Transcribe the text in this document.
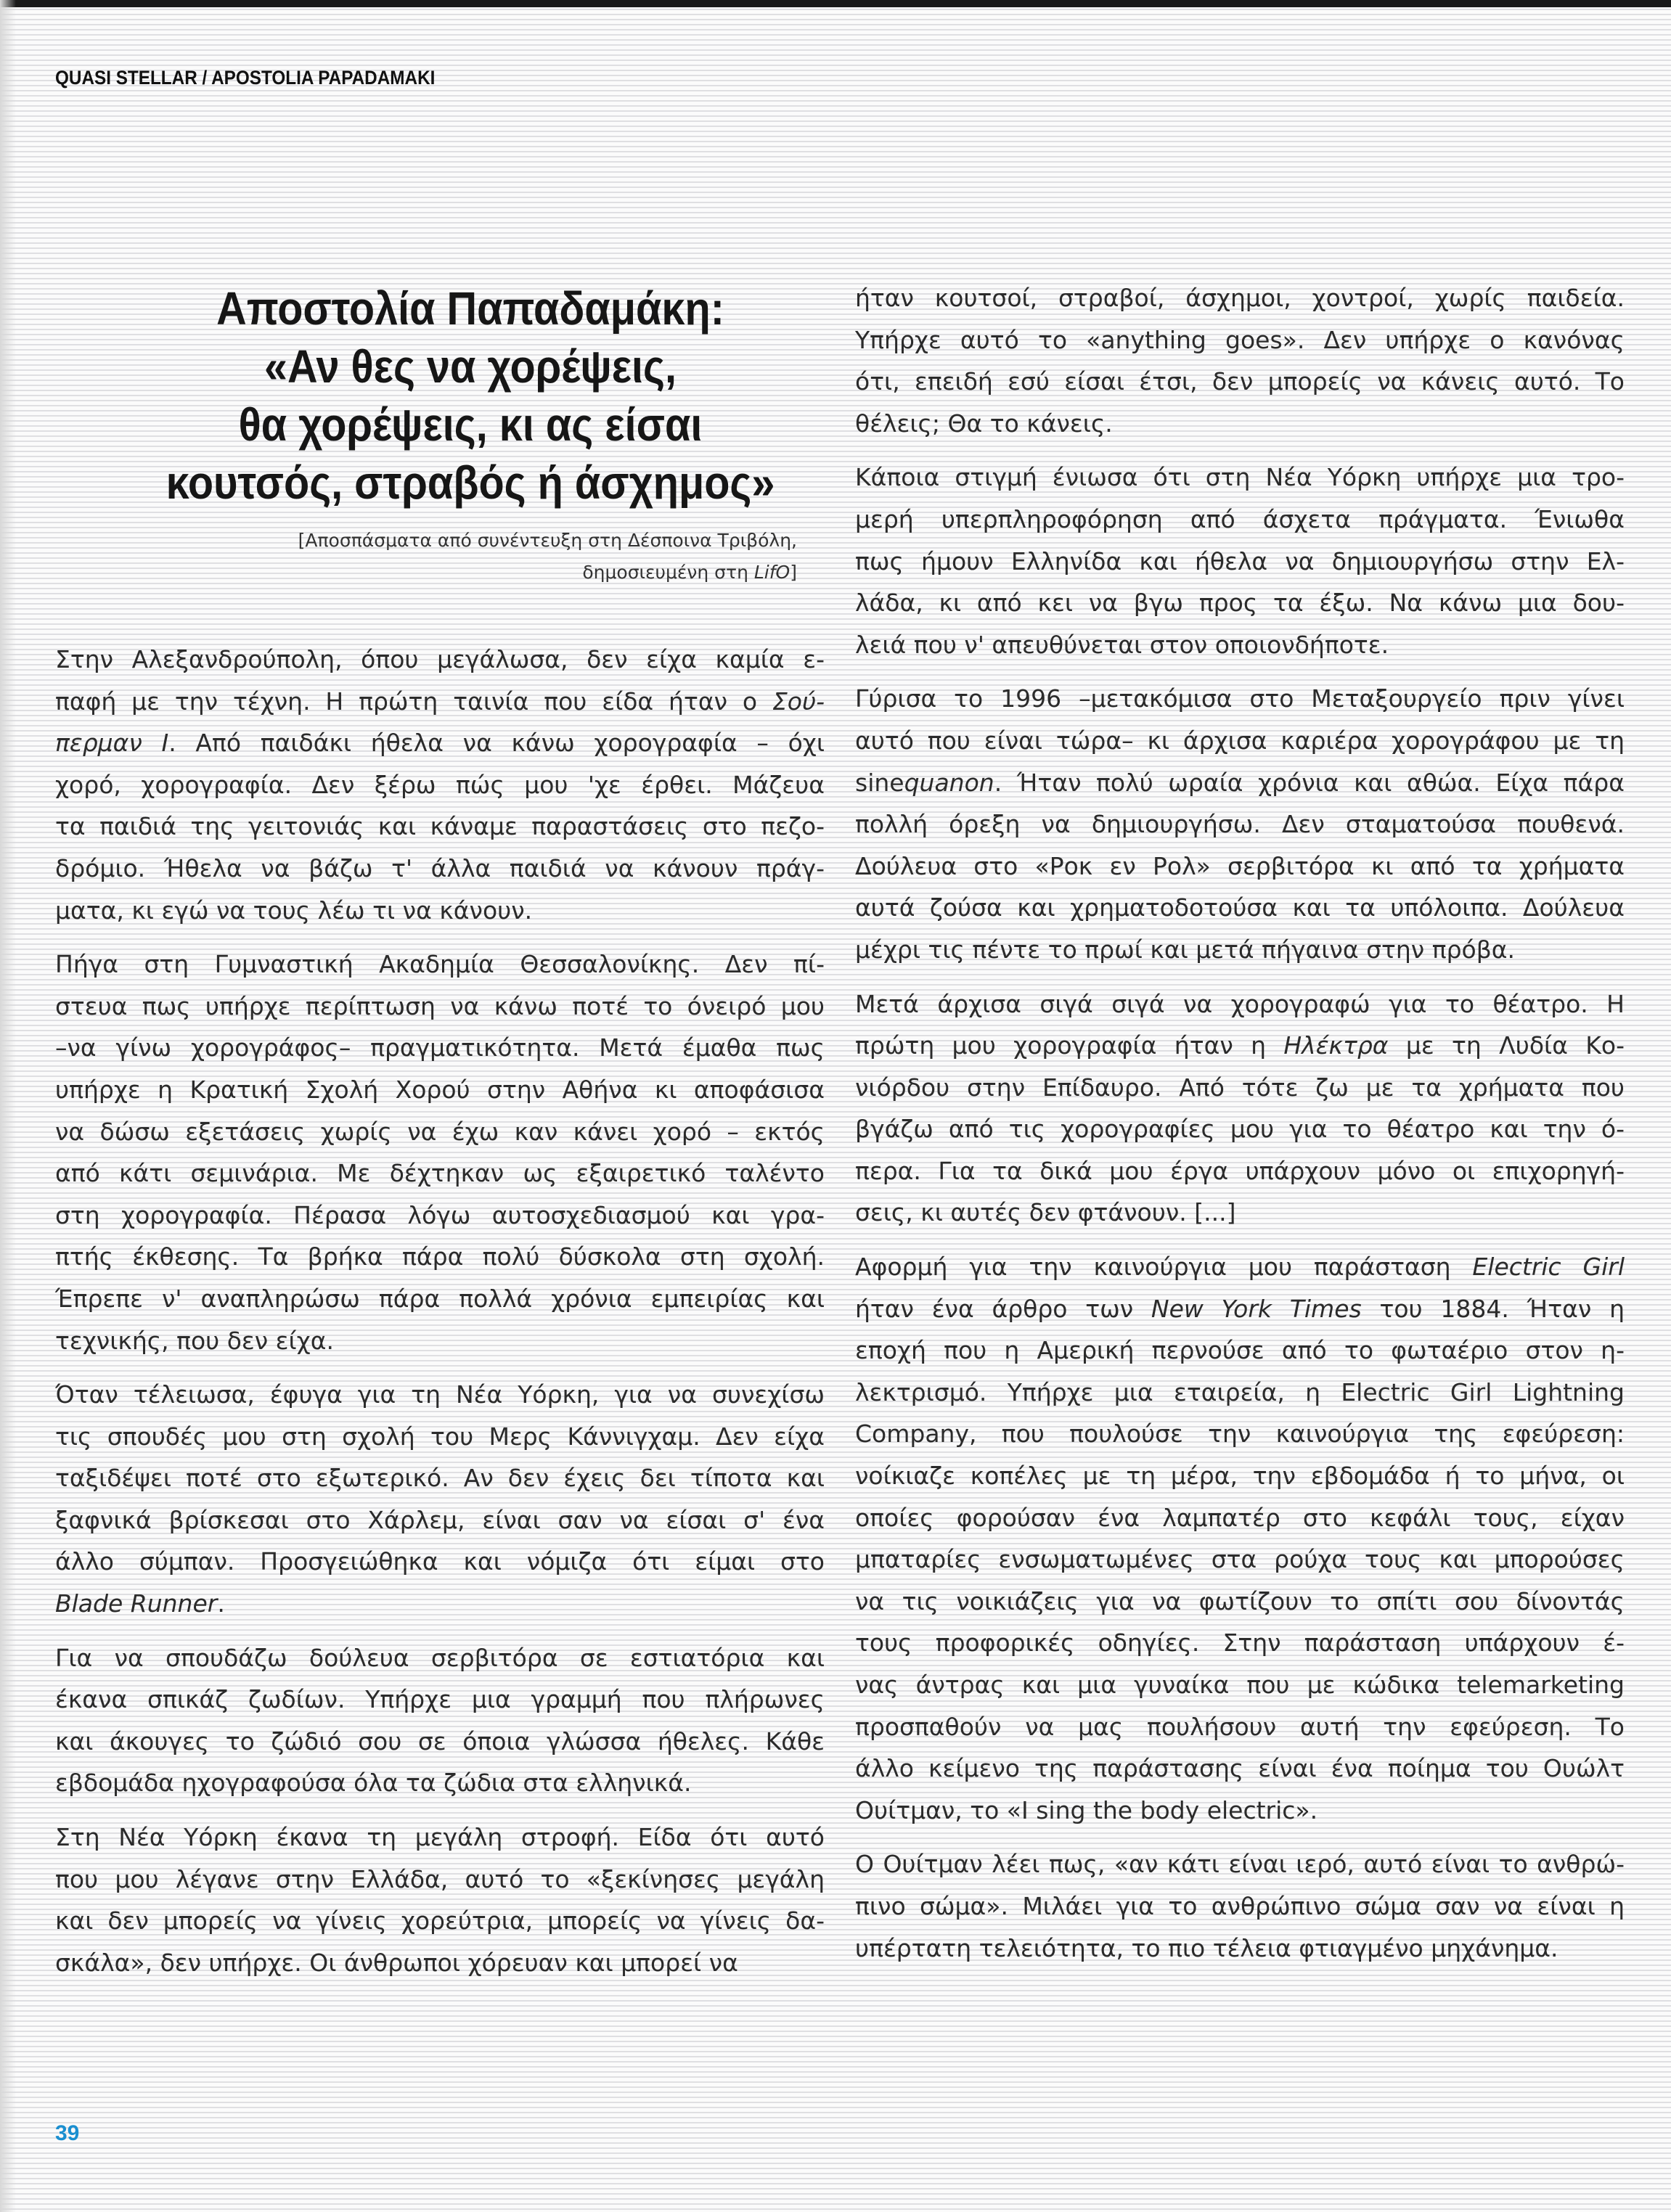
QUASI STELLAR / APOSTOLIA PAPADAMAKI
Αποστολία Παπαδαμάκη:
«Αν θες να χορέψεις,
θα χορέψεις, κι ας είσαι
κουτσός, στραβός ή άσχημος»
[Αποσπάσματα από συνέντευξη στη Δέσποινα Τριβόλη,
δημοσιευμένη στη LifO]
Στην Αλεξανδρούπολη, όπου μεγάλωσα, δεν είχα καμία ε-
παφή με την τέχνη. Η πρώτη ταινία που είδα ήταν ο Σού-
περμαν Ι. Από παιδάκι ήθελα να κάνω χορογραφία – όχι
χορό, χορογραφία. Δεν ξέρω πώς μου 'χε έρθει. Μάζευα
τα παιδιά της γειτονιάς και κάναμε παραστάσεις στο πεζο-
δρόμιο. Ήθελα να βάζω τ' άλλα παιδιά να κάνουν πράγ-
ματα, κι εγώ να τους λέω τι να κάνουν.
Πήγα στη Γυμναστική Ακαδημία Θεσσαλονίκης. Δεν πί-
στευα πως υπήρχε περίπτωση να κάνω ποτέ το όνειρό μου
–να γίνω χορογράφος– πραγματικότητα. Μετά έμαθα πως
υπήρχε η Κρατική Σχολή Χορού στην Αθήνα κι αποφάσισα
να δώσω εξετάσεις χωρίς να έχω καν κάνει χορό – εκτός
από κάτι σεμινάρια. Με δέχτηκαν ως εξαιρετικό ταλέντο
στη χορογραφία. Πέρασα λόγω αυτοσχεδιασμού και γρα-
πτής έκθεσης. Τα βρήκα πάρα πολύ δύσκολα στη σχολή.
Έπρεπε ν' αναπληρώσω πάρα πολλά χρόνια εμπειρίας και
τεχνικής, που δεν είχα.
Όταν τέλειωσα, έφυγα για τη Νέα Υόρκη, για να συνεχίσω
τις σπουδές μου στη σχολή του Μερς Κάννιγχαμ. Δεν είχα
ταξιδέψει ποτέ στο εξωτερικό. Αν δεν έχεις δει τίποτα και
ξαφνικά βρίσκεσαι στο Χάρλεμ, είναι σαν να είσαι σ' ένα
άλλο σύμπαν. Προσγειώθηκα και νόμιζα ότι είμαι στο
Blade Runner.
Για να σπουδάζω δούλευα σερβιτόρα σε εστιατόρια και
έκανα σπικάζ ζωδίων. Υπήρχε μια γραμμή που πλήρωνες
και άκουγες το ζώδιό σου σε όποια γλώσσα ήθελες. Κάθε
εβδομάδα ηχογραφούσα όλα τα ζώδια στα ελληνικά.
Στη Νέα Υόρκη έκανα τη μεγάλη στροφή. Είδα ότι αυτό
που μου λέγανε στην Ελλάδα, αυτό το «ξεκίνησες μεγάλη
και δεν μπορείς να γίνεις χορεύτρια, μπορείς να γίνεις δα-
σκάλα», δεν υπήρχε. Οι άνθρωποι χόρευαν και μπορεί να
ήταν κουτσοί, στραβοί, άσχημοι, χοντροί, χωρίς παιδεία.
Υπήρχε αυτό το «anything goes». Δεν υπήρχε ο κανόνας
ότι, επειδή εσύ είσαι έτσι, δεν μπορείς να κάνεις αυτό. Το
θέλεις; Θα το κάνεις.
Κάποια στιγμή ένιωσα ότι στη Νέα Υόρκη υπήρχε μια τρο-
μερή υπερπληροφόρηση από άσχετα πράγματα. Ένιωθα
πως ήμουν Ελληνίδα και ήθελα να δημιουργήσω στην Ελ-
λάδα, κι από κει να βγω προς τα έξω. Να κάνω μια δου-
λειά που ν' απευθύνεται στον οποιονδήποτε.
Γύρισα το 1996 –μετακόμισα στο Μεταξουργείο πριν γίνει
αυτό που είναι τώρα– κι άρχισα καριέρα χορογράφου με τη
sinequanon. Ήταν πολύ ωραία χρόνια και αθώα. Είχα πάρα
πολλή όρεξη να δημιουργήσω. Δεν σταματούσα πουθενά.
Δούλευα στο «Ροκ εν Ρολ» σερβιτόρα κι από τα χρήματα
αυτά ζούσα και χρηματοδοτούσα και τα υπόλοιπα. Δούλευα
μέχρι τις πέντε το πρωί και μετά πήγαινα στην πρόβα.
Μετά άρχισα σιγά σιγά να χορογραφώ για το θέατρο. Η
πρώτη μου χορογραφία ήταν η Ηλέκτρα με τη Λυδία Κο-
νιόρδου στην Επίδαυρο. Από τότε ζω με τα χρήματα που
βγάζω από τις χορογραφίες μου για το θέατρο και την ό-
περα. Για τα δικά μου έργα υπάρχουν μόνο οι επιχορηγή-
σεις, κι αυτές δεν φτάνουν. [...]
Αφορμή για την καινούργια μου παράσταση Electric Girl
ήταν ένα άρθρο των New York Times του 1884. Ήταν η
εποχή που η Αμερική περνούσε από το φωταέριο στον η-
λεκτρισμό. Υπήρχε μια εταιρεία, η Electric Girl Lightning
Company, που πουλούσε την καινούργια της εφεύρεση:
νοίκιαζε κοπέλες με τη μέρα, την εβδομάδα ή το μήνα, οι
οποίες φορούσαν ένα λαμπατέρ στο κεφάλι τους, είχαν
μπαταρίες ενσωματωμένες στα ρούχα τους και μπορούσες
να τις νοικιάζεις για να φωτίζουν το σπίτι σου δίνοντάς
τους προφορικές οδηγίες. Στην παράσταση υπάρχουν έ-
νας άντρας και μια γυναίκα που με κώδικα telemarketing
προσπαθούν να μας πουλήσουν αυτή την εφεύρεση. Το
άλλο κείμενο της παράστασης είναι ένα ποίημα του Ουώλτ
Ουίτμαν, το «I sing the body electric».
Ο Ουίτμαν λέει πως, «αν κάτι είναι ιερό, αυτό είναι το ανθρώ-
πινο σώμα». Μιλάει για το ανθρώπινο σώμα σαν να είναι η
υπέρτατη τελειότητα, το πιο τέλεια φτιαγμένο μηχάνημα.
39
